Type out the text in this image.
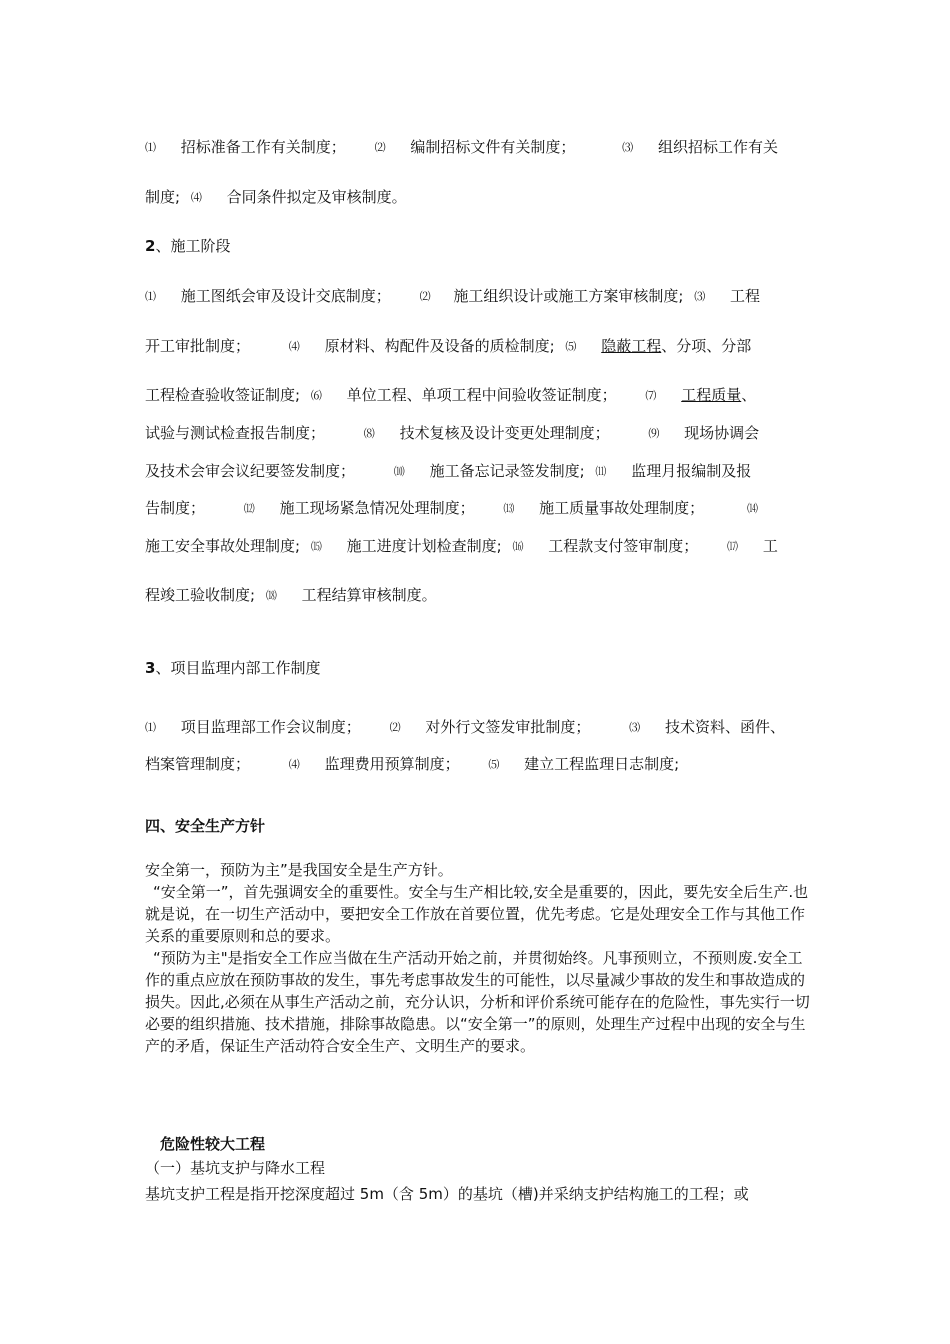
⑴ 招标准备工作有关制度；	⑵ 编制招标文件有关制度；	⑶ 组织招标工作有关
制度; ⑷ 合同条件拟定及审核制度。
2、施工阶段
⑴ 施工图纸会审及设计交底制度；	⑵ 施工组织设计或施工方案审核制度; ⑶ 工程
开工审批制度；	⑷ 原材料、构配件及设备的质检制度; ⑸ 隐蔽工程、分项、分部
工程检查验收签证制度; ⑹ 单位工程、单项工程中间验收签证制度；	⑺ 工程质量、
试验与测试检查报告制度；	⑻ 技术复核及设计变更处理制度；	⑼ 现场协调会
及技术会审会议纪要签发制度；	⑽ 施工备忘记录签发制度; ⑾ 监理月报编制及报
告制度；	⑿ 施工现场紧急情况处理制度；	⒀ 施工质量事故处理制度；	⒁
施工安全事故处理制度; ⒂ 施工进度计划检查制度; ⒃ 工程款支付签审制度；	⒄ 工
程竣工验收制度; ⒅ 工程结算审核制度。
3、项目监理内部工作制度
⑴ 项目监理部工作会议制度；	⑵ 对外行文签发审批制度；	⑶ 技术资料、函件、
档案管理制度；	⑷ 监理费用预算制度；	⑸ 建立工程监理日志制度;
四、安全生产方针

安全第一，预防为主”是我国安全是生产方针。

“安全第一”，首先强调安全的重要性。安全与生产相比较,安全是重要的，因此，要先安全后生产.也就是说，在一切生产活动中，要把安全工作放在首要位置，优先考虑。它是处理安全工作与其他工作关系的重要原则和总的要求。

“预防为主"是指安全工作应当做在生产活动开始之前，并贯彻始终。凡事预则立，不预则废.安全工作的重点应放在预防事故的发生，事先考虑事故发生的可能性，以尽量减少事故的发生和事故造成的损失。因此,必须在从事生产活动之前，充分认识，分析和评价系统可能存在的危险性，事先实行一切必要的组织措施、技术措施，排除事故隐患。以“安全第一”的原则，处理生产过程中出现的安全与生产的矛盾，保证生产活动符合安全生产、文明生产的要求。

危险性较大工程
（一）基坑支护与降水工程
基坑支护工程是指开挖深度超过 5m（含 5m）的基坑（槽)并采纳支护结构施工的工程；或
